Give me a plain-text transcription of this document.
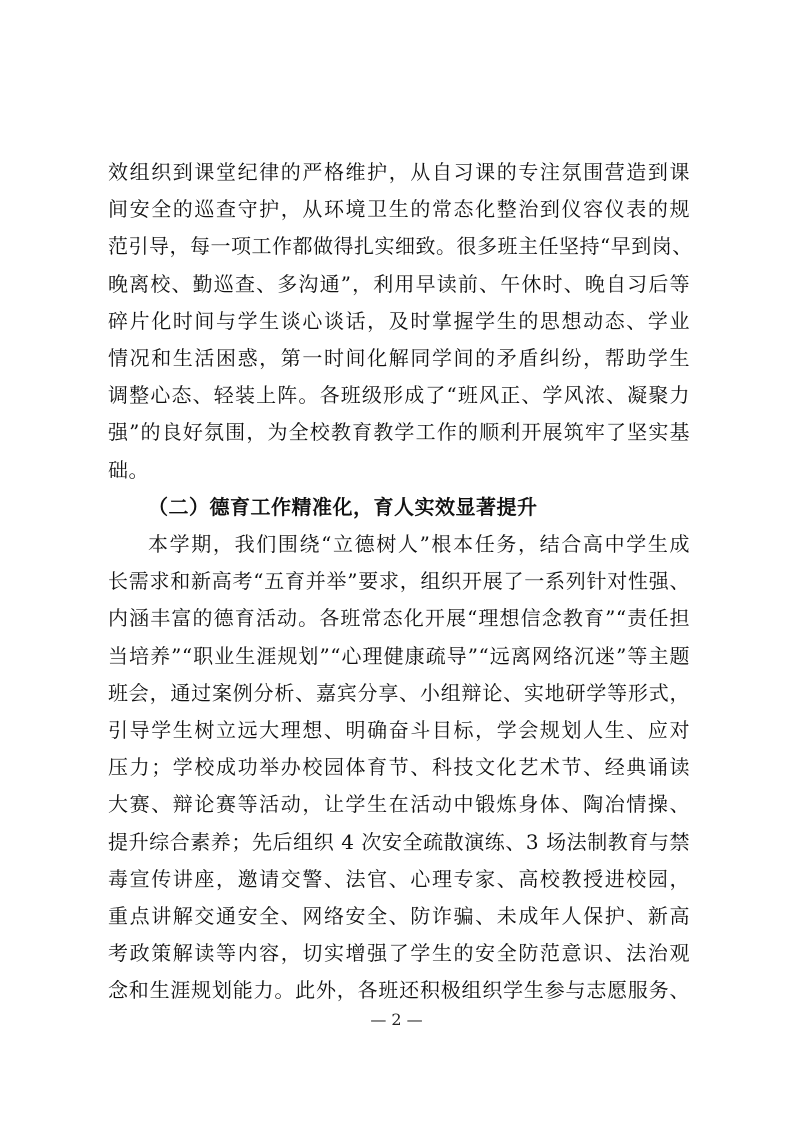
效组织到课堂纪律的严格维护，从自习课的专注氛围营造到课
间安全的巡查守护，从环境卫生的常态化整治到仪容仪表的规
范引导，每一项工作都做得扎实细致。很多班主任坚持“早到岗、
晚离校、勤巡查、多沟通”，利用早读前、午休时、晚自习后等
碎片化时间与学生谈心谈话，及时掌握学生的思想动态、学业
情况和生活困惑，第一时间化解同学间的矛盾纠纷，帮助学生
调整心态、轻装上阵。各班级形成了“班风正、学风浓、凝聚力
强”的良好氛围，为全校教育教学工作的顺利开展筑牢了坚实基
础。
（二）德育工作精准化，育人实效显著提升
本学期，我们围绕“立德树人”根本任务，结合高中学生成
长需求和新高考“五育并举”要求，组织开展了一系列针对性强、
内涵丰富的德育活动。各班常态化开展“理想信念教育”“责任担
当培养”“职业生涯规划”“心理健康疏导”“远离网络沉迷”等主题
班会，通过案例分析、嘉宾分享、小组辩论、实地研学等形式，
引导学生树立远大理想、明确奋斗目标，学会规划人生、应对
压力；学校成功举办校园体育节、科技文化艺术节、经典诵读
大赛、辩论赛等活动，让学生在活动中锻炼身体、陶冶情操、
提升综合素养；先后组织 4 次安全疏散演练、3 场法制教育与禁
毒宣传讲座，邀请交警、法官、心理专家、高校教授进校园，
重点讲解交通安全、网络安全、防诈骗、未成年人保护、新高
考政策解读等内容，切实增强了学生的安全防范意识、法治观
念和生涯规划能力。此外，各班还积极组织学生参与志愿服务、
— 2 —
